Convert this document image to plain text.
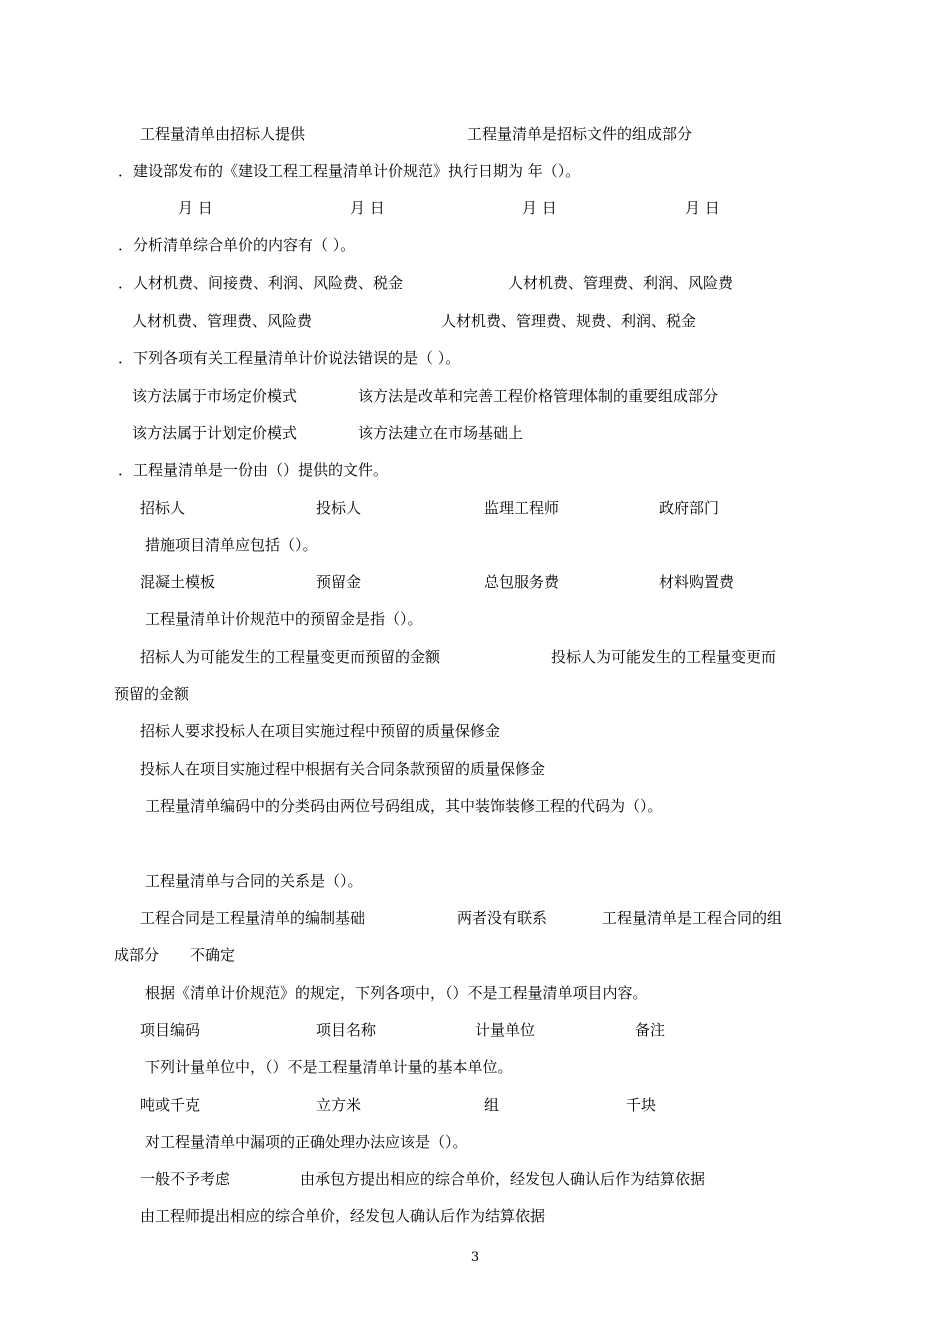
工程量清单由招标人提供	工程量清单是招标文件的组成部分
．建设部发布的《建设工程工程量清单计价规范》执行日期为 年（）。
月 日	月 日	月 日	月 日
．分析清单综合单价的内容有（ ）。
．人材机费、间接费、利润、风险费、税金	人材机费、管理费、利润、风险费
人材机费、管理费、风险费	人材机费、管理费、规费、利润、税金
．下列各项有关工程量清单计价说法错误的是（ ）。
该方法属于市场定价模式	该方法是改革和完善工程价格管理体制的重要组成部分
该方法属于计划定价模式	该方法建立在市场基础上
．工程量清单是一份由（）提供的文件。
招标人	投标人	监理工程师	政府部门
措施项目清单应包括（）。
混凝土模板	预留金	总包服务费	材料购置费
工程量清单计价规范中的预留金是指（）。
招标人为可能发生的工程量变更而预留的金额	投标人为可能发生的工程量变更而
预留的金额
招标人要求投标人在项目实施过程中预留的质量保修金
投标人在项目实施过程中根据有关合同条款预留的质量保修金
工程量清单编码中的分类码由两位号码组成，其中装饰装修工程的代码为（）。
工程量清单与合同的关系是（）。
工程合同是工程量清单的编制基础	两者没有联系	工程量清单是工程合同的组
成部分 不确定
根据《清单计价规范》的规定，下列各项中，（）不是工程量清单项目内容。
项目编码	项目名称	计量单位	备注
下列计量单位中，（）不是工程量清单计量的基本单位。
吨或千克	立方米	组	千块
对工程量清单中漏项的正确处理办法应该是（）。
一般不予考虑	由承包方提出相应的综合单价，经发包人确认后作为结算依据
由工程师提出相应的综合单价，经发包人确认后作为结算依据
3
